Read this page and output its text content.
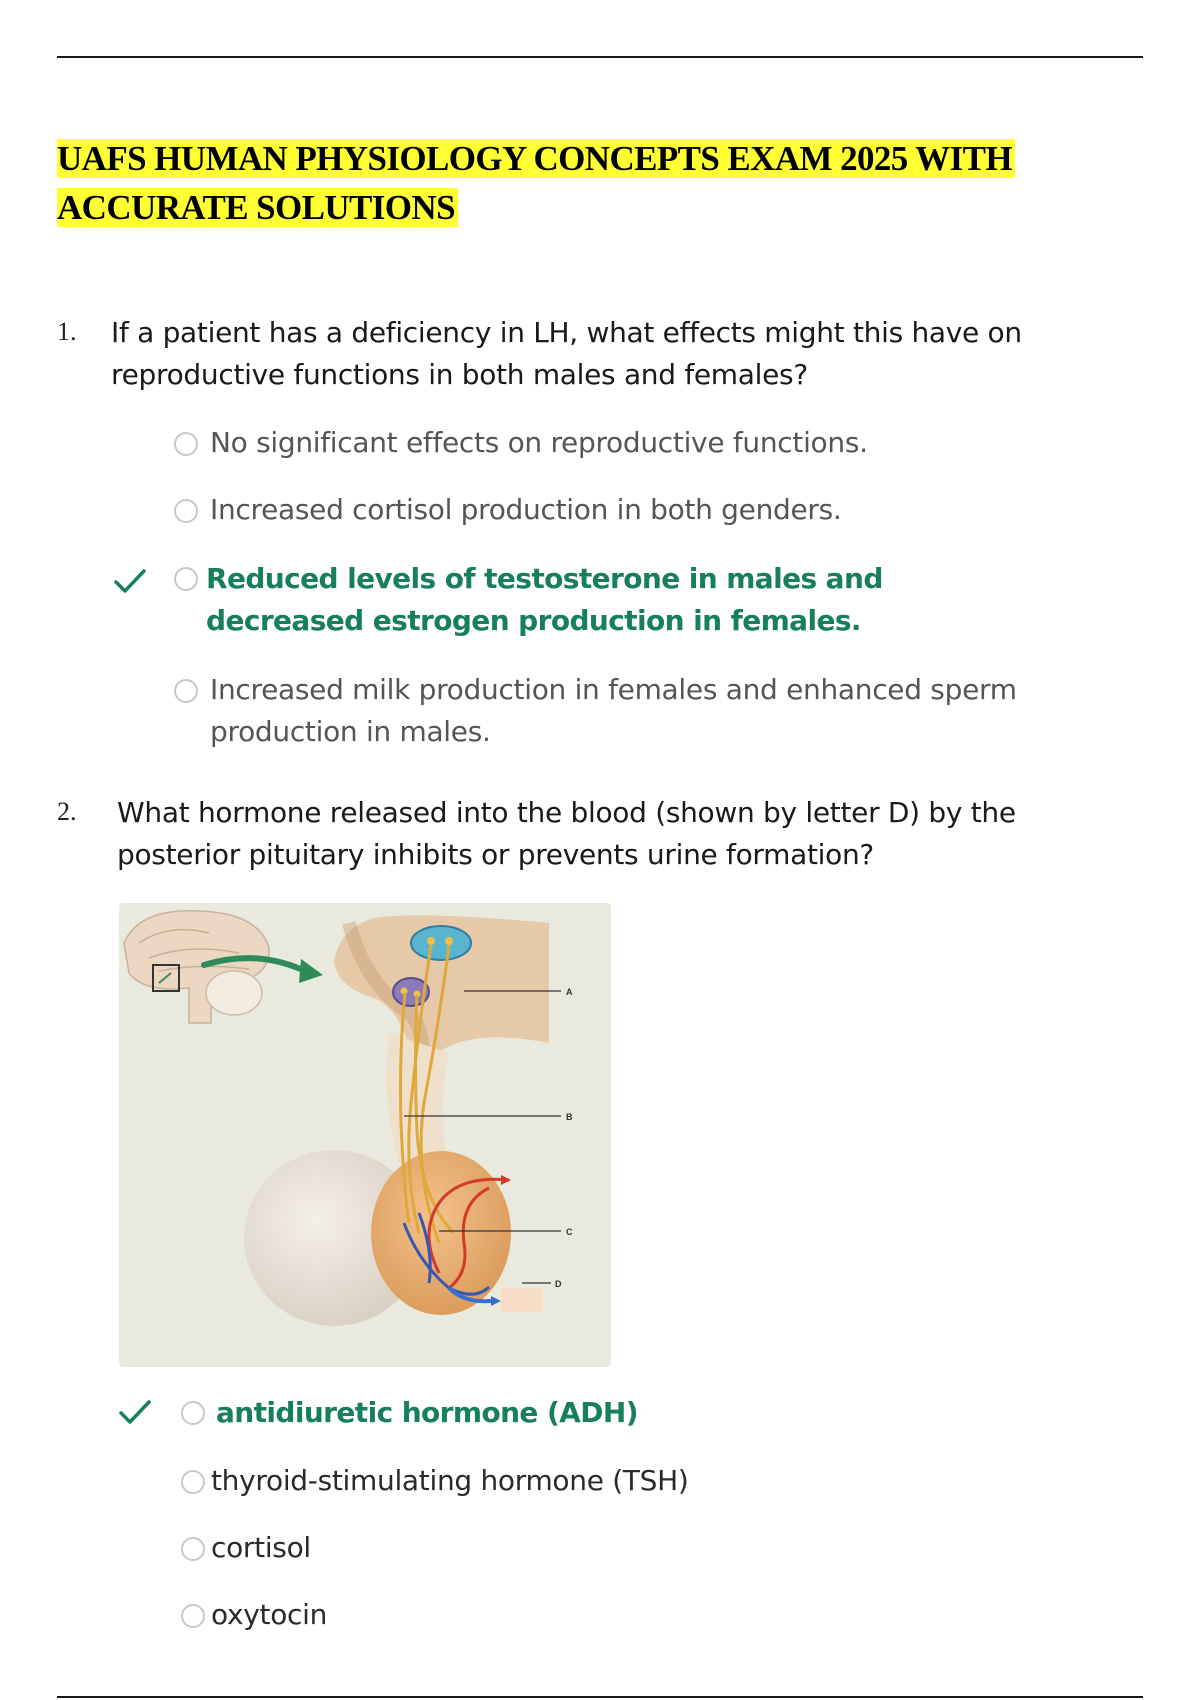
UAFS HUMAN PHYSIOLOGY CONCEPTS EXAM 2025 WITH
ACCURATE SOLUTIONS
1. If a patient has a deficiency in LH, what effects might this have on reproductive functions in both males and females?

No significant effects on reproductive functions.
Increased cortisol production in both genders.
Reduced levels of testosterone in males and decreased estrogen production in females.
Increased milk production in females and enhanced sperm production in males.
2. What hormone released into the blood (shown by letter D) by the posterior pituitary inhibits or prevents urine formation?

A
B
C
D
antidiuretic hormone (ADH)
thyroid-stimulating hormone (TSH)
cortisol
oxytocin
